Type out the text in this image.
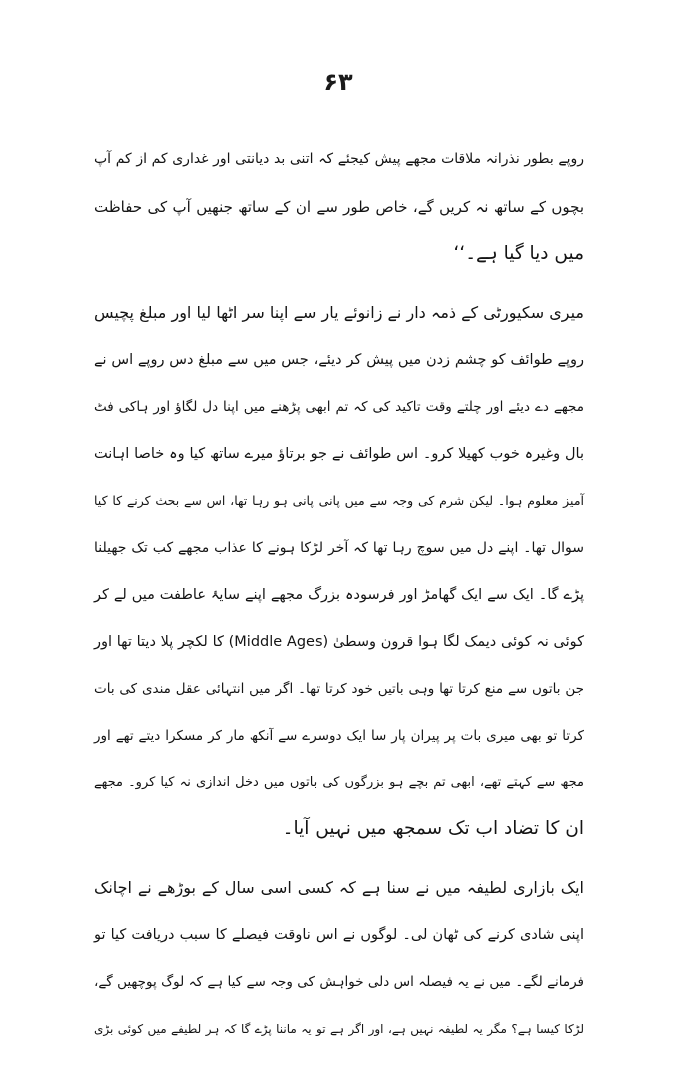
۶۳
روپے بطور نذرانہ ملاقات مجھے پیش کیجئے کہ اتنی بد دیانتی اور غداری کم از کم آپ
بچوں کے ساتھ نہ کریں گے، خاص طور سے ان کے ساتھ جنھیں آپ کی حفاظت
میں دیا گیا ہے۔‘‘
میری سکیورٹی کے ذمہ دار نے زانوئے یار سے اپنا سر اٹھا لیا اور مبلغ پچیس
روپے طوائف کو چشم زدن میں پیش کر دیئے، جس میں سے مبلغ دس روپے اس نے
مجھے دے دیئے اور چلتے وقت تاکید کی کہ تم ابھی پڑھنے میں اپنا دل لگاؤ اور ہاکی فٹ
بال وغیرہ خوب کھیلا کرو۔ اس طوائف نے جو برتاؤ میرے ساتھ کیا وہ خاصا اہانت
آمیز معلوم ہوا۔ لیکن شرم کی وجہ سے میں پانی پانی ہو رہا تھا، اس سے بحث کرنے کا کیا
سوال تھا۔ اپنے دل میں سوچ رہا تھا کہ آخر لڑکا ہونے کا عذاب مجھے کب تک جھیلنا
پڑے گا۔ ایک سے ایک گھامڑ اور فرسودہ بزرگ مجھے اپنے سایۂ عاطفت میں لے کر
کوئی نہ کوئی دیمک لگا ہوا قرون وسطیٰ (Middle Ages) کا لکچر پلا دیتا تھا اور
جن باتوں سے منع کرتا تھا وہی باتیں خود کرتا تھا۔ اگر میں انتہائی عقل مندی کی بات
کرتا تو بھی میری بات پر پیران پار سا ایک دوسرے سے آنکھ مار کر مسکرا دیتے تھے اور
مجھ سے کہتے تھے، ابھی تم بچے ہو بزرگوں کی باتوں میں دخل اندازی نہ کیا کرو۔ مجھے
ان کا تضاد اب تک سمجھ میں نہیں آیا۔
ایک بازاری لطیفہ میں نے سنا ہے کہ کسی اسی سال کے بوڑھے نے اچانک
اپنی شادی کرنے کی ٹھان لی۔ لوگوں نے اس ناوقت فیصلے کا سبب دریافت کیا تو
فرمانے لگے۔ میں نے یہ فیصلہ اس دلی خواہش کی وجہ سے کیا ہے کہ لوگ پوچھیں گے،
لڑکا کیسا ہے؟ مگر یہ لطیفہ نہیں ہے، اور اگر ہے تو یہ ماننا پڑے گا کہ ہر لطیفے میں کوئی بڑی
